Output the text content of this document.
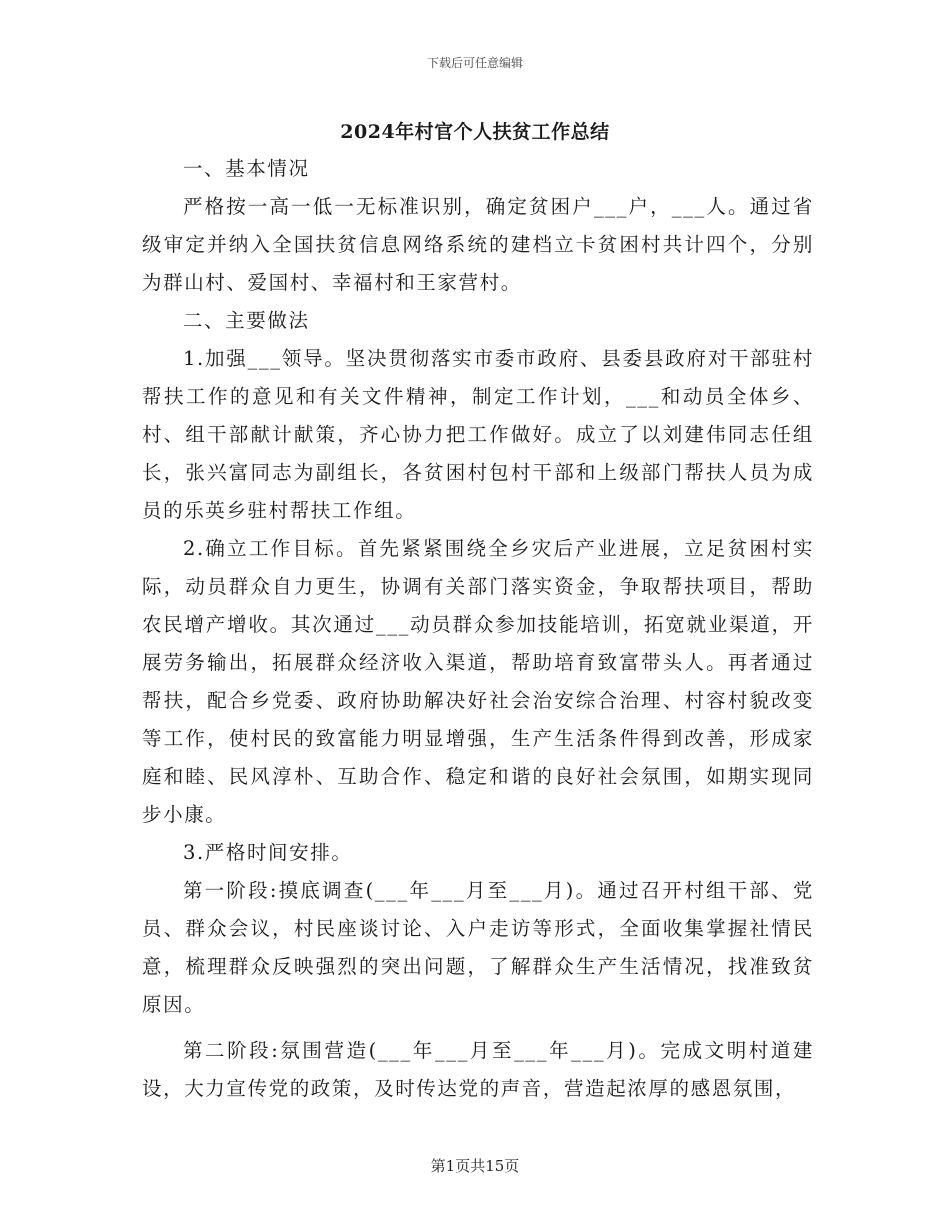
下载后可任意编辑
2024年村官个人扶贫工作总结

一、基本情况

严格按一高一低一无标准识别，确定贫困户___户，___人。通过省级审定并纳入全国扶贫信息网络系统的建档立卡贫困村共计四个，分别为群山村、爱国村、幸福村和王家营村。

二、主要做法

1.加强___领导。坚决贯彻落实市委市政府、县委县政府对干部驻村帮扶工作的意见和有关文件精神，制定工作计划，___和动员全体乡、村、组干部献计献策，齐心协力把工作做好。成立了以刘建伟同志任组长，张兴富同志为副组长，各贫困村包村干部和上级部门帮扶人员为成员的乐英乡驻村帮扶工作组。

2.确立工作目标。首先紧紧围绕全乡灾后产业进展，立足贫困村实际，动员群众自力更生，协调有关部门落实资金，争取帮扶项目，帮助农民增产增收。其次通过___动员群众参加技能培训，拓宽就业渠道，开展劳务输出，拓展群众经济收入渠道，帮助培育致富带头人。再者通过帮扶，配合乡党委、政府协助解决好社会治安综合治理、村容村貌改变等工作，使村民的致富能力明显增强，生产生活条件得到改善，形成家庭和睦、民风淳朴、互助合作、稳定和谐的良好社会氛围，如期实现同步小康。

3.严格时间安排。

第一阶段:摸底调查(___年___月至___月)。通过召开村组干部、党员、群众会议，村民座谈讨论、入户走访等形式，全面收集掌握社情民意，梳理群众反映强烈的突出问题，了解群众生产生活情况，找准致贫原因。

第二阶段:氛围营造(___年___月至___年___月)。完成文明村道建设，大力宣传党的政策，及时传达党的声音，营造起浓厚的感恩氛围，

第1页共15页
